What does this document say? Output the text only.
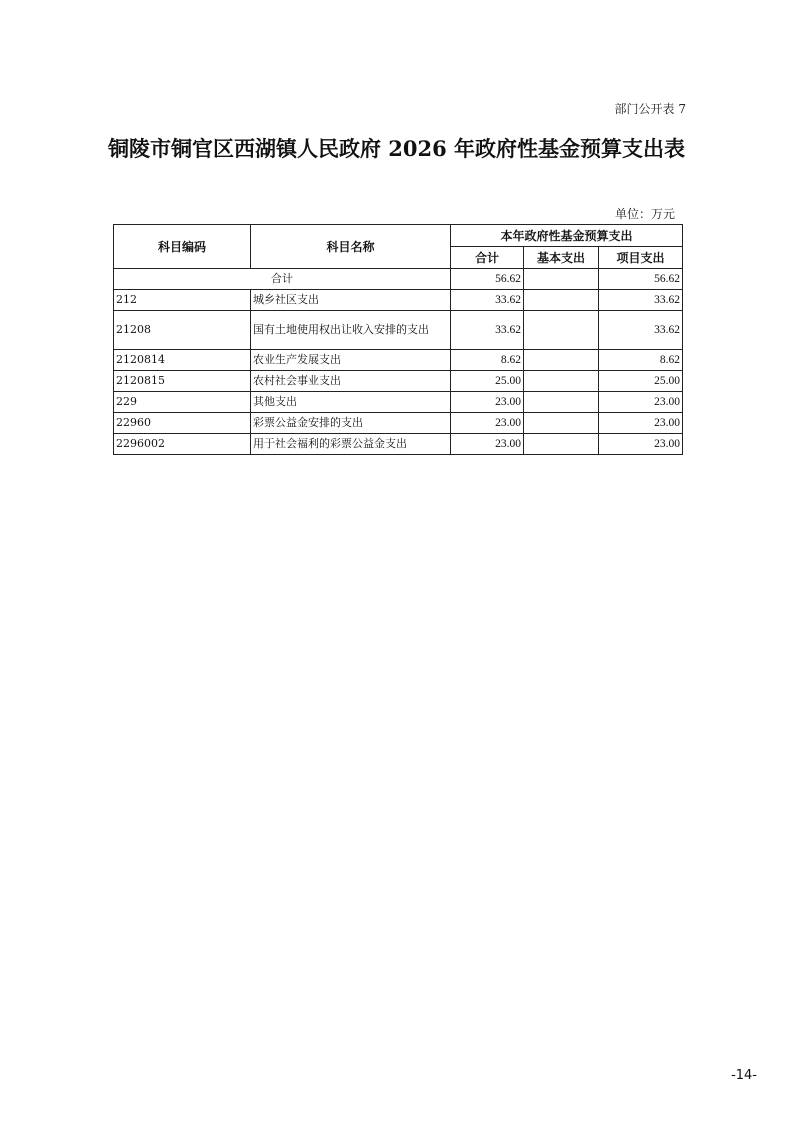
部门公开表 7
铜陵市铜官区西湖镇人民政府 2026 年政府性基金预算支出表
单位：万元
科目编码	科目名称	本年政府性基金预算支出		
		合计	基本支出	项目支出
合计		56.62		56.62
212	城乡社区支出	33.62		33.62
21208	国有土地使用权出让收入安排的支出	33.62		33.62
2120814	农业生产发展支出	8.62		8.62
2120815	农村社会事业支出	25.00		25.00
229	其他支出	23.00		23.00
22960	彩票公益金安排的支出	23.00		23.00
2296002	用于社会福利的彩票公益金支出	23.00		23.00
-14-
